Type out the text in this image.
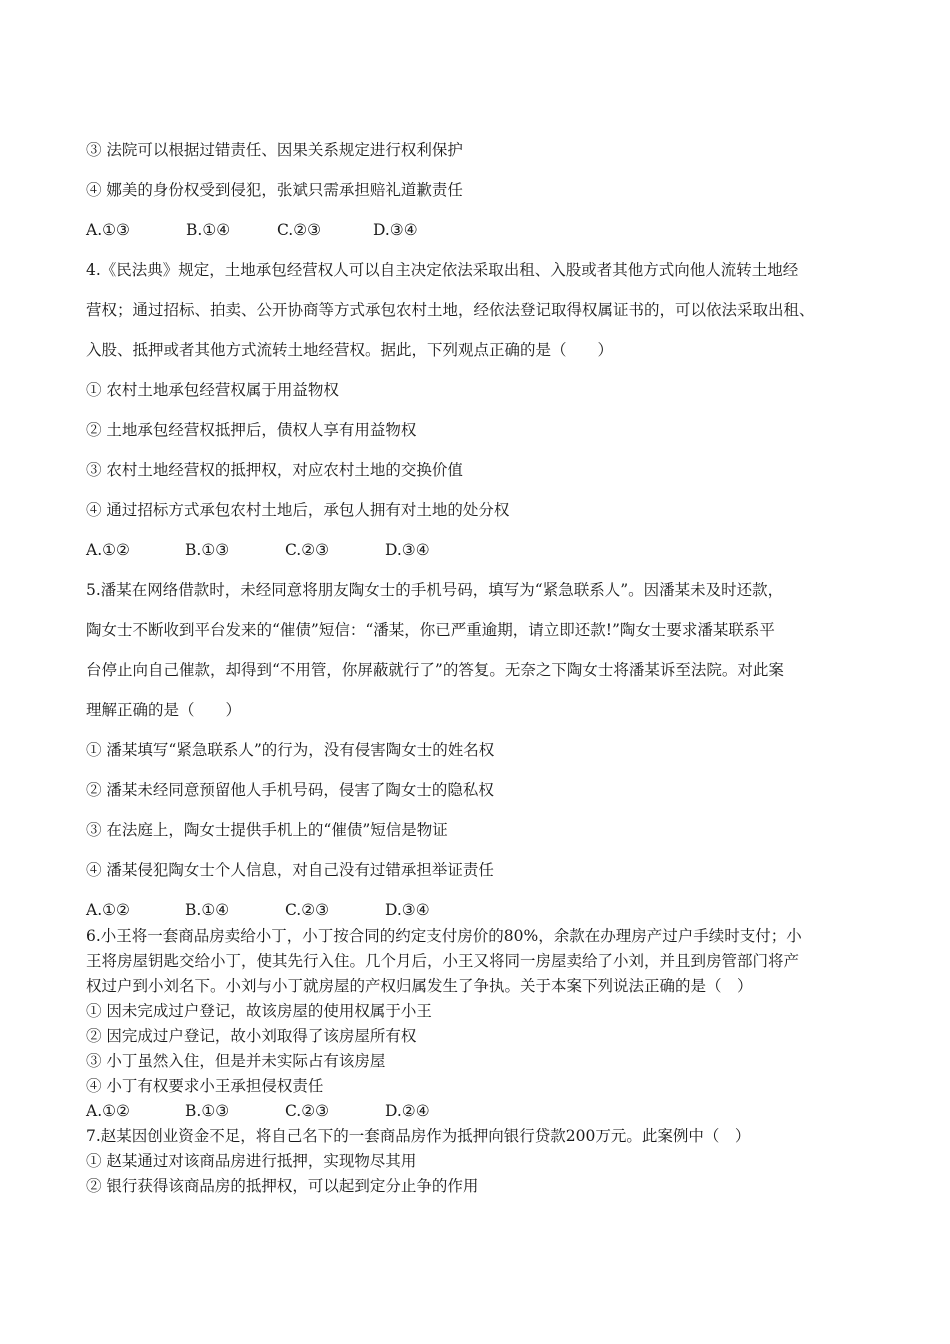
③ 法院可以根据过错责任、因果关系规定进行权利保护
④ 娜美的身份权受到侵犯，张斌只需承担赔礼道歉责任
A.①③	B.①④	C.②③	D.③④
4.《民法典》规定，土地承包经营权人可以自主决定依法采取出租、入股或者其他方式向他人流转土地经
营权；通过招标、拍卖、公开协商等方式承包农村土地，经依法登记取得权属证书的，可以依法采取出租、
入股、抵押或者其他方式流转土地经营权。据此，下列观点正确的是（　　）
① 农村土地承包经营权属于用益物权
② 土地承包经营权抵押后，债权人享有用益物权
③ 农村土地经营权的抵押权，对应农村土地的交换价值
④ 通过招标方式承包农村土地后，承包人拥有对土地的处分权
A.①②	B.①③	C.②③	D.③④
5.潘某在网络借款时，未经同意将朋友陶女士的手机号码，填写为“紧急联系人”。因潘某未及时还款，
陶女士不断收到平台发来的“催债”短信：“潘某，你已严重逾期，请立即还款!”陶女士要求潘某联系平
台停止向自己催款，却得到“不用管，你屏蔽就行了”的答复。无奈之下陶女士将潘某诉至法院。对此案
理解正确的是（　　）
① 潘某填写“紧急联系人”的行为，没有侵害陶女士的姓名权
② 潘某未经同意预留他人手机号码，侵害了陶女士的隐私权
③ 在法庭上，陶女士提供手机上的“催债”短信是物证
④ 潘某侵犯陶女士个人信息，对自己没有过错承担举证责任
A.①②	B.①④	C.②③	D.③④
6.小王将一套商品房卖给小丁，小丁按合同的约定支付房价的80%，余款在办理房产过户手续时支付；小
王将房屋钥匙交给小丁，使其先行入住。几个月后，小王又将同一房屋卖给了小刘，并且到房管部门将产
权过户到小刘名下。小刘与小丁就房屋的产权归属发生了争执。关于本案下列说法正确的是（　）
① 因未完成过户登记，故该房屋的使用权属于小王
② 因完成过户登记，故小刘取得了该房屋所有权
③ 小丁虽然入住，但是并未实际占有该房屋
④ 小丁有权要求小王承担侵权责任
A.①②	B.①③	C.②③	D.②④
7.赵某因创业资金不足，将自己名下的一套商品房作为抵押向银行贷款200万元。此案例中（　）
① 赵某通过对该商品房进行抵押，实现物尽其用
② 银行获得该商品房的抵押权，可以起到定分止争的作用
